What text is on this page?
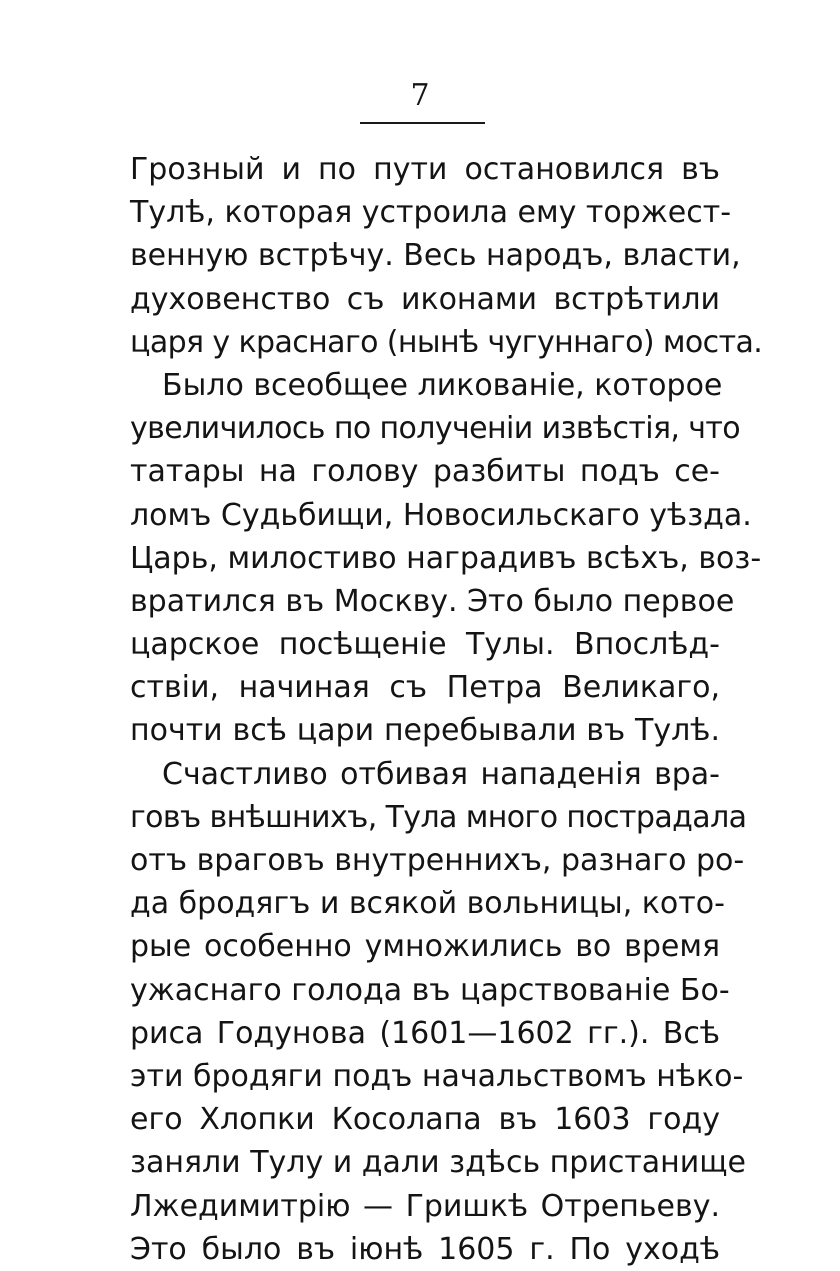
7
Грозный и по пути остановился въ
Тулѣ, которая устроила ему торжест-
венную встрѣчу. Весь народъ, власти,
духовенство съ иконами встрѣтили
царя у краснаго (нынѣ чугуннаго) моста.
Было всеобщее ликованіе, которое
увеличилось по полученіи извѣстія, что
татары на голову разбиты подъ се-
ломъ Судьбищи, Новосильскаго уѣзда.
Царь, милостиво наградивъ всѣхъ, воз-
вратился въ Москву. Это было первое
царское посѣщеніе Тулы. Впослѣд-
ствіи, начиная съ Петра Великаго,
почти всѣ цари перебывали въ Тулѣ.
Счастливо отбивая нападенія вра-
говъ внѣшнихъ, Тула много пострадала
отъ враговъ внутреннихъ, разнаго ро-
да бродягъ и всякой вольницы, кото-
рые особенно умножились во время
ужаснаго голода въ царствованіе Бо-
риса Годунова (1601—1602 гг.). Всѣ
эти бродяги подъ начальствомъ нѣко-
его Хлопки Косолапа въ 1603 году
заняли Тулу и дали здѣсь пристанище
Лжедимитрію — Гришкѣ Отрепьеву.
Это было въ іюнѣ 1605 г. По уходѣ
